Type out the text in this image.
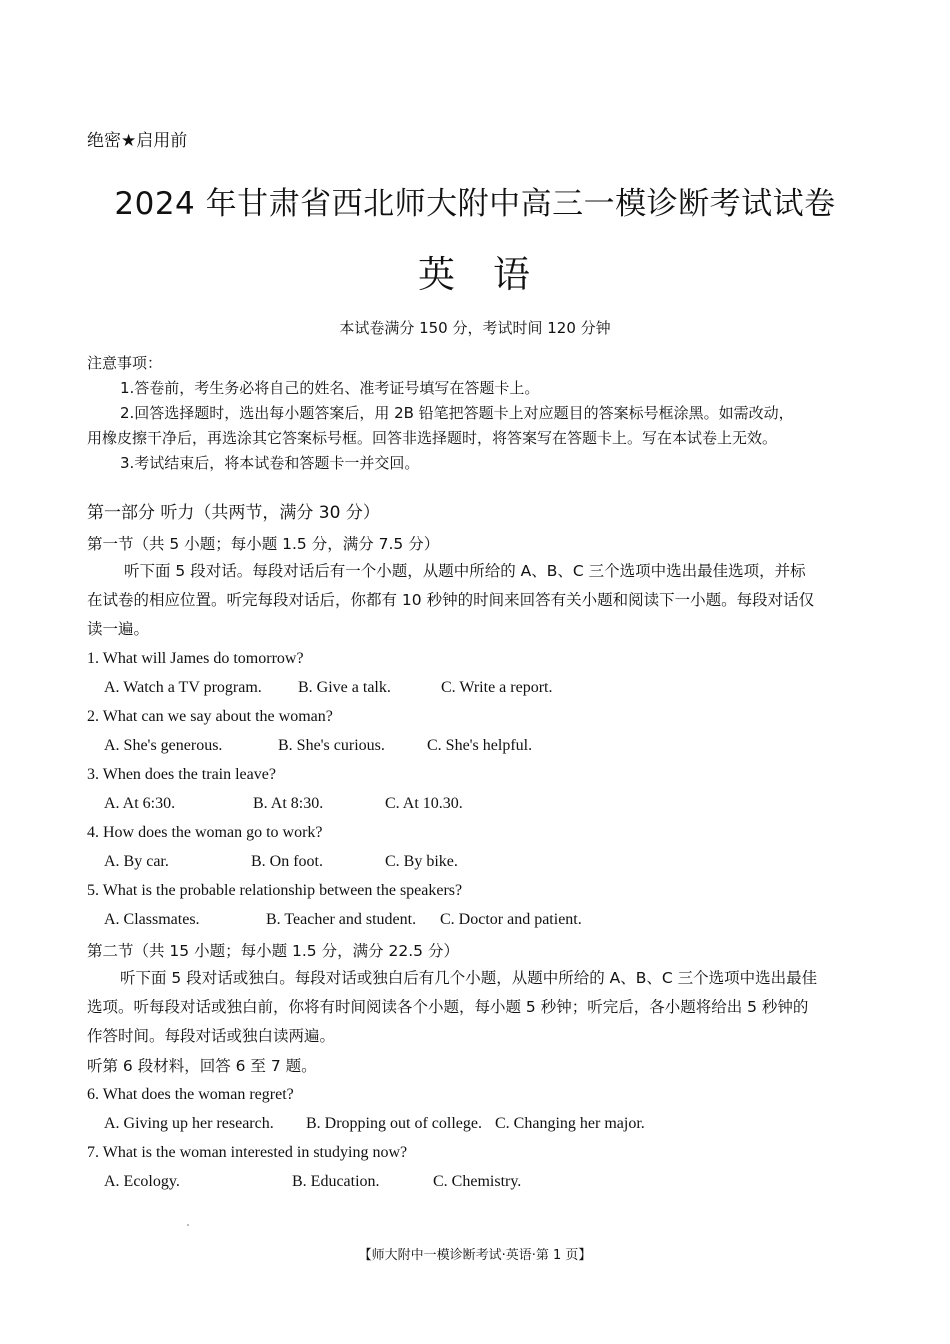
绝密★启用前
2024 年甘肃省西北师大附中高三一模诊断考试试卷
英 语
本试卷满分 150 分，考试时间 120 分钟
注意事项：
1.答卷前，考生务必将自己的姓名、准考证号填写在答题卡上。
2.回答选择题时，选出每小题答案后，用 2B 铅笔把答题卡上对应题目的答案标号框涂黑。如需改动，
用橡皮擦干净后，再选涂其它答案标号框。回答非选择题时，将答案写在答题卡上。写在本试卷上无效。
3.考试结束后，将本试卷和答题卡一并交回。
第一部分 听力（共两节，满分 30 分）
第一节（共 5 小题；每小题 1.5 分，满分 7.5 分）
听下面 5 段对话。每段对话后有一个小题，从题中所给的 A、B、C 三个选项中选出最佳选项，并标
在试卷的相应位置。听完每段对话后，你都有 10 秒钟的时间来回答有关小题和阅读下一小题。每段对话仅
读一遍。
1. What will James do tomorrow?
A. Watch a TV program. B. Give a talk.	C. Write a report.
2. What can we say about the woman?
A. She's generous.	B. She's curious.	C. She's helpful.
3. When does the train leave?
A. At 6:30.	B. At 8:30.	C. At 10.30.
4. How does the woman go to work?
A. By car.	B. On foot.	C. By bike.
5. What is the probable relationship between the speakers?
A. Classmates.	B. Teacher and student. C. Doctor and patient.
第二节（共 15 小题；每小题 1.5 分，满分 22.5 分）
听下面 5 段对话或独白。每段对话或独白后有几个小题，从题中所给的 A、B、C 三个选项中选出最佳
选项。听每段对话或独白前，你将有时间阅读各个小题，每小题 5 秒钟；听完后，各小题将给出 5 秒钟的
作答时间。每段对话或独白读两遍。
听第 6 段材料，回答 6 至 7 题。
6. What does the woman regret?
A. Giving up her research. B. Dropping out of college. C. Changing her major.
7. What is the woman interested in studying now?
A. Ecology.	B. Education.	C. Chemistry.
【师大附中一模诊断考试·英语·第 1 页】
